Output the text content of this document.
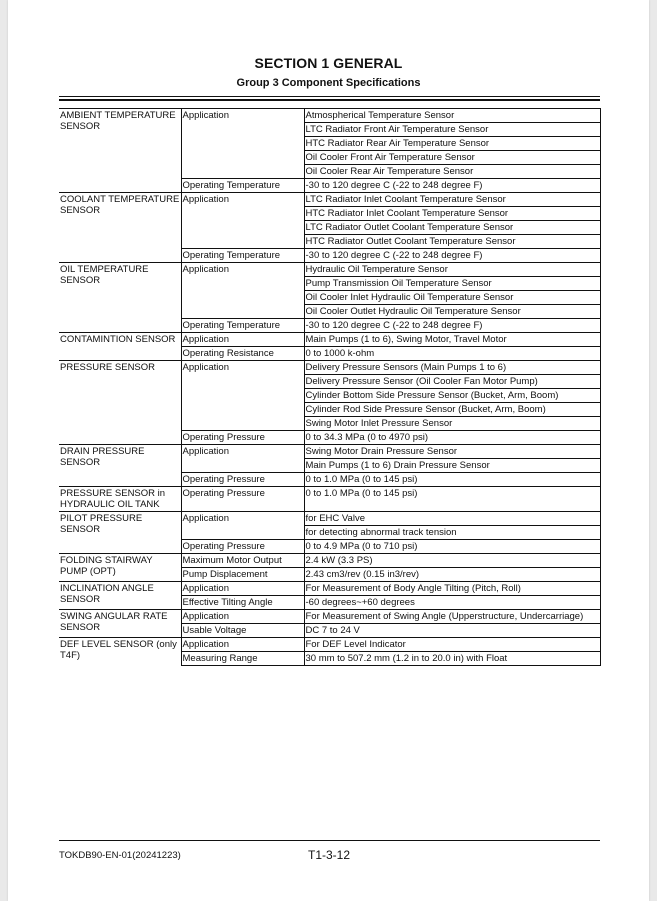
SECTION 1 GENERAL
Group 3 Component Specifications
AMBIENT TEMPERATURE SENSOR	Application	Atmospherical Temperature Sensor
		LTC Radiator Front Air Temperature Sensor
		HTC Radiator Rear Air Temperature Sensor
		Oil Cooler Front Air Temperature Sensor
		Oil Cooler Rear Air Temperature Sensor
	Operating Temperature	-30 to 120 degree C (-22 to 248 degree F)
COOLANT TEMPERATURE SENSOR	Application	LTC Radiator Inlet Coolant Temperature Sensor
		HTC Radiator Inlet Coolant Temperature Sensor
		LTC Radiator Outlet Coolant Temperature Sensor
		HTC Radiator Outlet Coolant Temperature Sensor
	Operating Temperature	-30 to 120 degree C (-22 to 248 degree F)
OIL TEMPERATURE SENSOR	Application	Hydraulic Oil Temperature Sensor
		Pump Transmission Oil Temperature Sensor
		Oil Cooler Inlet Hydraulic Oil Temperature Sensor
		Oil Cooler Outlet Hydraulic Oil Temperature Sensor
	Operating Temperature	-30 to 120 degree C (-22 to 248 degree F)
CONTAMINTION SENSOR	Application	Main Pumps (1 to 6), Swing Motor, Travel Motor
	Operating Resistance	0 to 1000 k-ohm
PRESSURE SENSOR	Application	Delivery Pressure Sensors (Main Pumps 1 to 6)
		Delivery Pressure Sensor (Oil Cooler Fan Motor Pump)
		Cylinder Bottom Side Pressure Sensor (Bucket, Arm, Boom)
		Cylinder Rod Side Pressure Sensor (Bucket, Arm, Boom)
		Swing Motor Inlet Pressure Sensor
	Operating Pressure	0 to 34.3 MPa (0 to 4970 psi)
DRAIN PRESSURE SENSOR	Application	Swing Motor Drain Pressure Sensor
		Main Pumps (1 to 6) Drain Pressure Sensor
	Operating Pressure	0 to 1.0 MPa (0 to 145 psi)
PRESSURE SENSOR in HYDRAULIC OIL TANK	Operating Pressure	0 to 1.0 MPa (0 to 145 psi)
PILOT PRESSURE SENSOR	Application	for EHC Valve
		for detecting abnormal track tension
	Operating Pressure	0 to 4.9 MPa (0 to 710 psi)
FOLDING STAIRWAY PUMP (OPT)	Maximum Motor Output	2.4 kW (3.3 PS)
	Pump Displacement	2.43 cm3/rev (0.15 in3/rev)
INCLINATION ANGLE SENSOR	Application	For Measurement of Body Angle Tilting (Pitch, Roll)
	Effective Tilting Angle	-60 degrees~+60 degrees
SWING ANGULAR RATE SENSOR	Application	For Measurement of Swing Angle (Upperstructure, Undercarriage)
	Usable Voltage	DC 7 to 24 V
DEF LEVEL SENSOR (only T4F)	Application	For DEF Level Indicator
	Measuring Range	30 mm to 507.2 mm (1.2 in to 20.0 in) with Float
TOKDB90-EN-01(20241223)	T1-3-12
